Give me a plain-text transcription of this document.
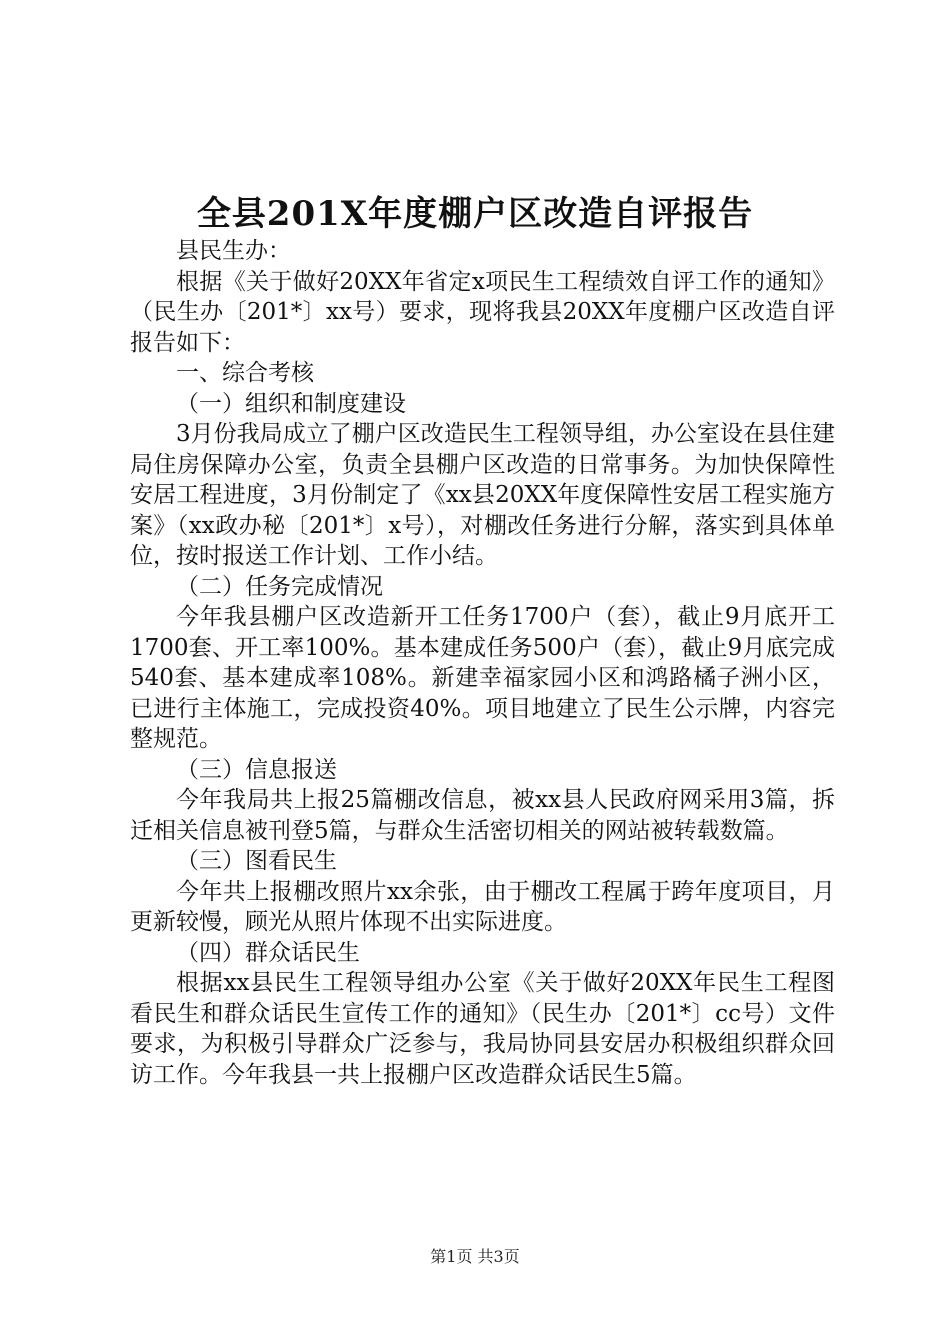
全县201X年度棚户区改造自评报告

县民生办：

根据《关于做好20XX年省定x项民生工程绩效自评工作的通知》（民生办〔201*〕xx号）要求，现将我县20XX年度棚户区改造自评报告如下：

一、综合考核

（一）组织和制度建设

3月份我局成立了棚户区改造民生工程领导组，办公室设在县住建局住房保障办公室，负责全县棚户区改造的日常事务。为加快保障性安居工程进度，3月份制定了《xx县20XX年度保障性安居工程实施方案》（xx政办秘〔201*〕x号），对棚改任务进行分解，落实到具体单位，按时报送工作计划、工作小结。

（二）任务完成情况

今年我县棚户区改造新开工任务1700户（套），截止9月底开工1700套、开工率100%。基本建成任务500户（套），截止9月底完成540套、基本建成率108%。新建幸福家园小区和鸿路橘子洲小区，已进行主体施工，完成投资40%。项目地建立了民生公示牌，内容完整规范。

（三）信息报送

今年我局共上报25篇棚改信息，被xx县人民政府网采用3篇，拆迁相关信息被刊登5篇，与群众生活密切相关的网站被转载数篇。

（三）图看民生

今年共上报棚改照片xx余张，由于棚改工程属于跨年度项目，月更新较慢，顾光从照片体现不出实际进度。

（四）群众话民生

根据xx县民生工程领导组办公室《关于做好20XX年民生工程图看民生和群众话民生宣传工作的通知》（民生办〔201*〕cc号）文件要求，为积极引导群众广泛参与，我局协同县安居办积极组织群众回访工作。今年我县一共上报棚户区改造群众话民生5篇。

第1页 共3页
